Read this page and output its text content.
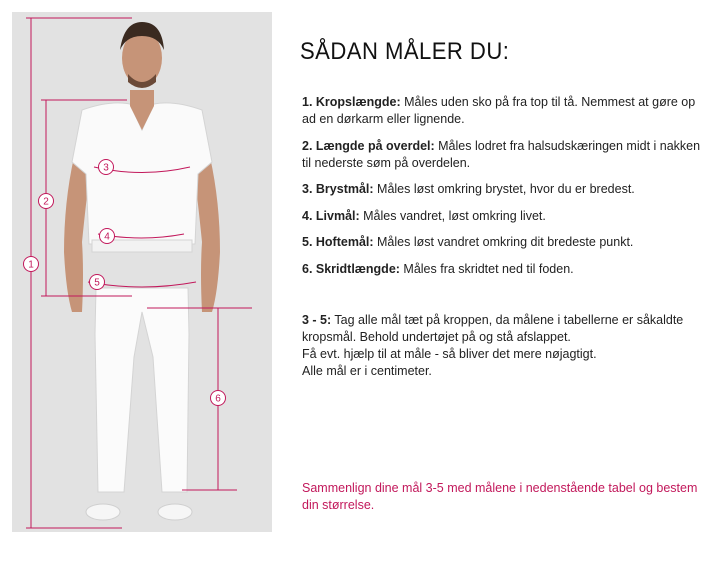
1
2
3
4
5
6
SÅDAN MÅLER DU:
1. Kropslængde: Måles uden sko på fra top til tå. Nemmest at gøre op ad en dørkarm eller lignende.
2. Længde på overdel: Måles lodret fra halsudskæringen midt i nakken til nederste søm på overdelen.
3. Brystmål: Måles løst omkring brystet, hvor du er bredest.
4. Livmål: Måles vandret, løst omkring livet.
5. Hoftemål: Måles løst vandret omkring dit bredeste punkt.
6. Skridtlængde: Måles fra skridtet ned til foden.
3 - 5: Tag alle mål tæt på kroppen, da målene i tabellerne er såkaldte kropsmål. Behold undertøjet på og stå afslappet.
Få evt. hjælp til at måle - så bliver det mere nøjagtigt.
Alle mål er i centimeter.
Sammenlign dine mål 3-5 med målene i nedenstående tabel og bestem din størrelse.
